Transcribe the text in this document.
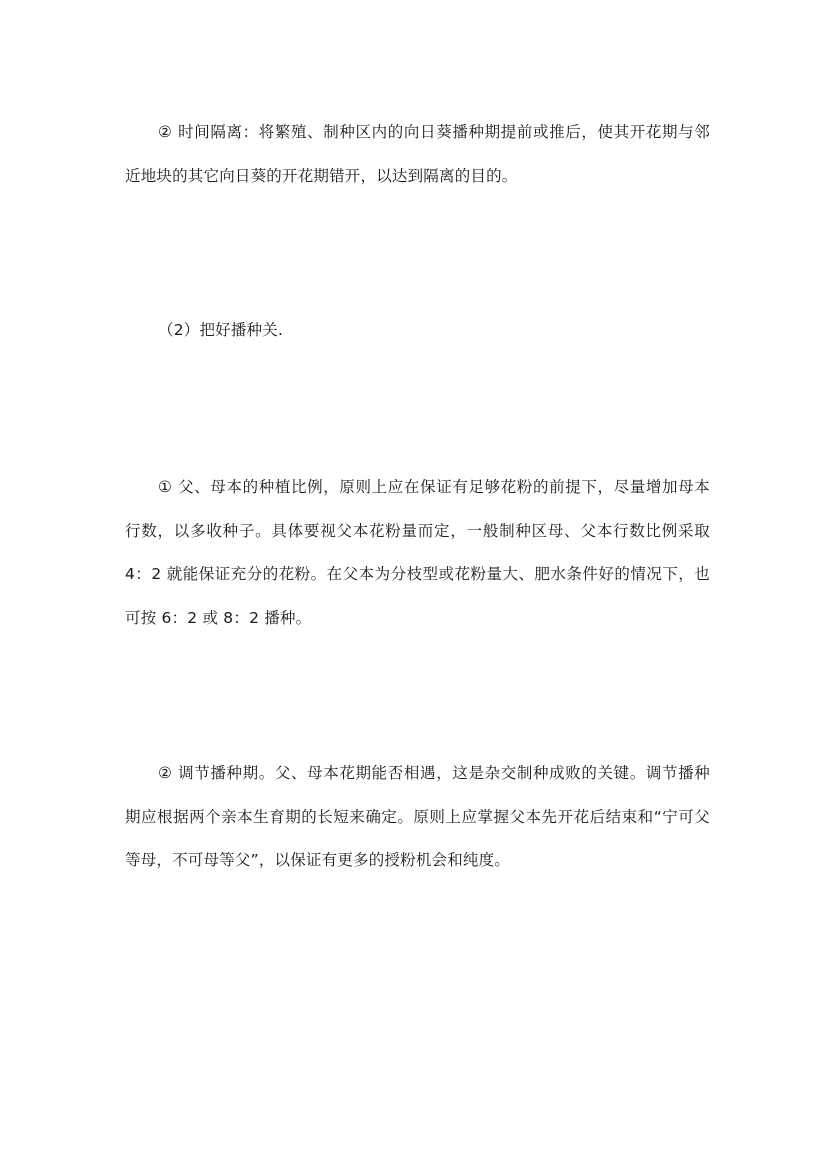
② 时间隔离：将繁殖、制种区内的向日葵播种期提前或推后，使其开花期与邻近地块的其它向日葵的开花期错开，以达到隔离的目的。

（2）把好播种关.

① 父、母本的种植比例，原则上应在保证有足够花粉的前提下，尽量增加母本行数，以多收种子。具体要视父本花粉量而定，一般制种区母、父本行数比例采取 4：2 就能保证充分的花粉。在父本为分枝型或花粉量大、肥水条件好的情况下，也可按 6：2 或 8：2 播种。

② 调节播种期。父、母本花期能否相遇，这是杂交制种成败的关键。调节播种期应根据两个亲本生育期的长短来确定。原则上应掌握父本先开花后结束和“宁可父等母，不可母等父”，以保证有更多的授粉机会和纯度。
